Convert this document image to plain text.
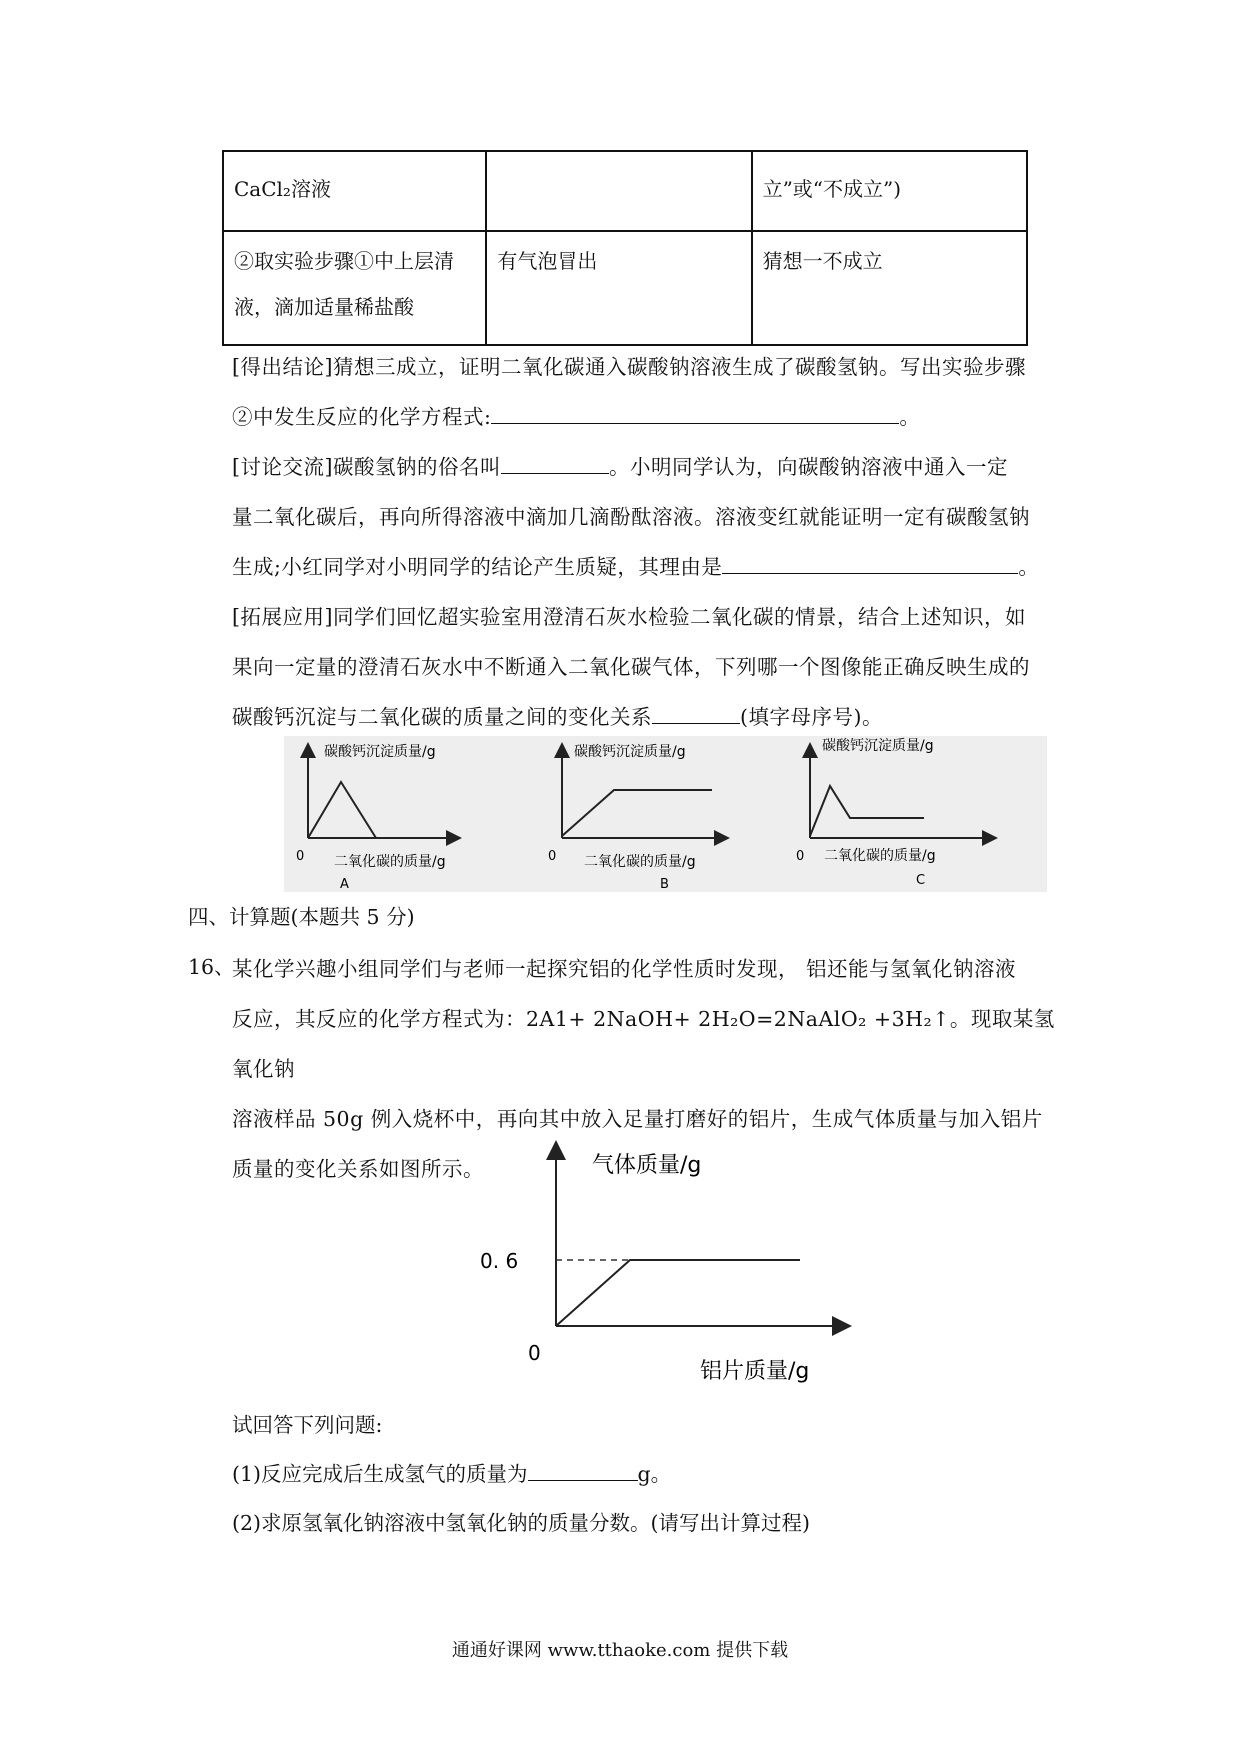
CaCl₂溶液		立”或“不成立”)
②取实验步骤①中上层清液，滴加适量稀盐酸	有气泡冒出	猜想一不成立
[得出结论]猜想三成立，证明二氧化碳通入碳酸钠溶液生成了碳酸氢钠。写出实验步骤
②中发生反应的化学方程式:	。
[讨论交流]碳酸氢钠的俗名叫	。小明同学认为，向碳酸钠溶液中通入一定
量二氧化碳后，再向所得溶液中滴加几滴酚酞溶液。溶液变红就能证明一定有碳酸氢钠
生成;小红同学对小明同学的结论产生质疑，其理由是	。
[拓展应用]同学们回忆超实验室用澄清石灰水检验二氧化碳的情景，结合上述知识，如
果向一定量的澄清石灰水中不断通入二氧化碳气体，下列哪一个图像能正确反映生成的
碳酸钙沉淀与二氧化碳的质量之间的变化关系	(填字母序号)。
碳酸钙沉淀质量/g
0 二氧化碳的质量/g
A
碳酸钙沉淀质量/g
0 二氧化碳的质量/g
B
碳酸钙沉淀质量/g
0 二氧化碳的质量/g
C
四、计算题(本题共 5 分)
16、
某化学兴趣小组同学们与老师一起探究铝的化学性质时发现， 铝还能与氢氧化钠溶液
反应，其反应的化学方程式为：2A1+ 2NaOH+ 2H₂O=2NaAlO₂ +3H₂↑。现取某氢氧化钠
溶液样品 50g 例入烧杯中，再向其中放入足量打磨好的铝片，生成气体质量与加入铝片
质量的变化关系如图所示。	气体质量/g
0. 6
0
铝片质量/g
试回答下列问题:
(1)反应完成后生成氢气的质量为	g。
(2)求原氢氧化钠溶液中氢氧化钠的质量分数。(请写出计算过程)
通通好课网 www.tthaoke.com 提供下载
